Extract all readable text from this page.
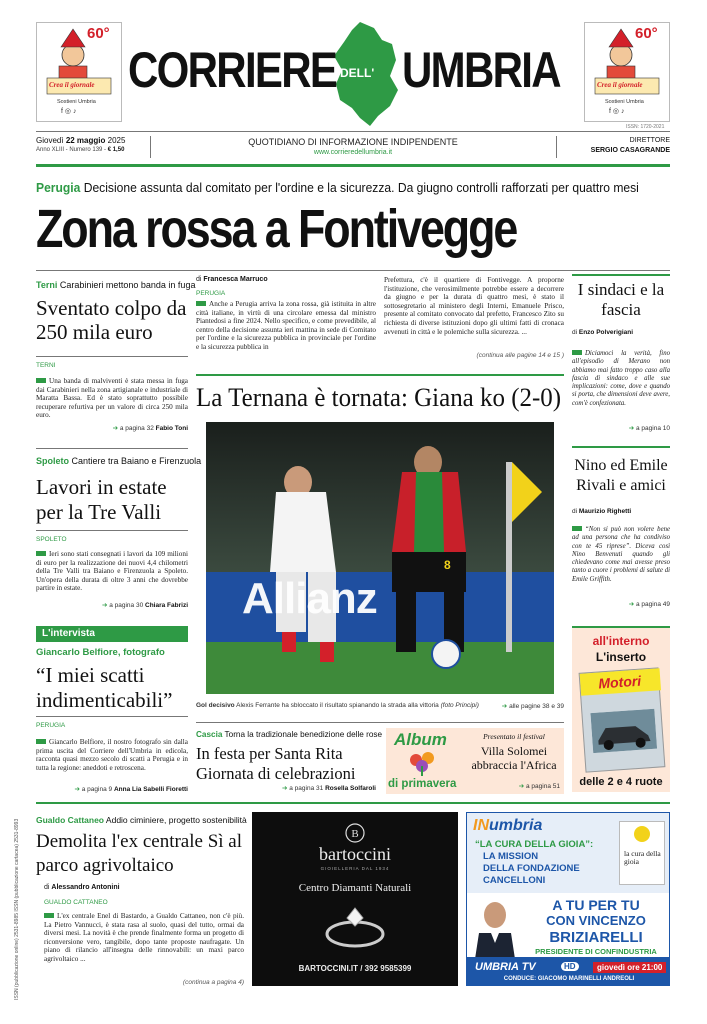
60°
Crea il giornale
Sostieni Umbria
f ◎ ♪
60°
Crea il giornale
Sostieni Umbria
f ◎ ♪
CORRIERE DELL' UMBRIA
ISSN: 1720-2021
Giovedì 22 maggio 2025
Anno XLIII - Numero 139 - € 1,50
QUOTIDIANO DI INFORMAZIONE INDIPENDENTE
www.corrieredellumbria.it
DIRETTORE
SERGIO CASAGRANDE
Perugia Decisione assunta dal comitato per l'ordine e la sicurezza. Da giugno controlli rafforzati per quattro mesi
Zona rossa a Fontivegge
di Francesca Marruco
PERUGIA
Anche a Perugia arriva la zona rossa, già istituita in altre città italiane, in virtù di una circolare emessa dal ministro Piantedosi a fine 2024. Nello specifico, e come prevedibile, al centro della decisione assunta ieri mattina in sede di Comitato per l'ordine e la sicurezza pubblica in provinciale per l'ordine e la sicurezza pubblica in
Prefettura, c'è il quartiere di Fontivegge. A proporne l'istituzione, che verosimilmente potrebbe essere a decorrere da giugno e per la durata di quattro mesi, è stato il sottosegretario al ministero degli Interni, Emanuele Prisco, presente al comitato convocato dal prefetto, Francesco Zito su richiesta di diverse istituzioni dopo gli ultimi fatti di cronaca avvenuti in città e le polemiche sulla sicurezza. ...
(continua alle pagine 14 e 15 )
Terni Carabinieri mettono banda in fuga
Sventato colpo da 250 mila euro
TERNI
Una banda di malviventi è stata messa in fuga dai Carabinieri nella zona artigianale e industriale di Maratta Bassa. Ed è stato soprattutto possibile recuperare refurtiva per un valore di circa 250 mila euro.
➔ a pagina 32 Fabio Toni
Spoleto Cantiere tra Baiano e Firenzuola
Lavori in estate per la Tre Valli
SPOLETO
Ieri sono stati consegnati i lavori da 109 milioni di euro per la realizzazione dei nuovi 4,4 chilometri della Tre Valli tra Baiano e Firenzuola a Spoleto. Un'opera della durata di oltre 3 anni che dovrebbe partire in estate.
➔ a pagina 30 Chiara Fabrizi
L'intervista
Giancarlo Belfiore, fotografo
“I miei scatti indimenticabili”
PERUGIA
Giancarlo Belfiore, il nostro fotografo sin dalla prima uscita del Corriere dell'Umbria in edicola, racconta quasi mezzo secolo di scatti a Perugia e in tutta la regione: aneddoti e retroscena.
➔ a pagina 9 Anna Lia Sabelli Fioretti
I sindaci e la fascia
di Enzo Polverigiani
Diciamoci la verità, fino all'episodio di Merano non abbiamo mai fatto troppo caso alla fascia di sindaco e alle sue implicazioni: come, dove e quando si porta, che dimensioni deve avere, com'è confezionata.
➔ a pagina 10
Nino ed Emile Rivali e amici
di Maurizio Righetti
“Non si può non volere bene ad una persona che ha condiviso con te 45 riprese”. Diceva così Nino Benvenuti quando gli chiedevano come mai avesse preso tanto a cuore i problemi di salute di Emile Griffith.
➔ a pagina 49
all'interno
L'inserto
Motori
delle 2 e 4 ruote
La Ternana è tornata: Giana ko (2-0)
Allianz
8
Gol decisivo Alexis Ferrante ha sbloccato il risultato spianando la strada alla vittoria (foto Principi)	➔ alle pagine 38 e 39
Cascia Torna la tradizionale benedizione delle rose
In festa per Santa Rita Giornata di celebrazioni
➔ a pagina 31 Rosella Solfaroli
Album
di primavera
Presentato il festival
Villa Solomei abbraccia l'Africa
➔ a pagina 51
ISSN (pubblicazione online) 2531-8985 ISSN (pubblicazione cartacea) 2531-8993 Gualdo Cattaneo Addio ciminiere, progetto sostenibilità
Demolita l'ex centrale Sì al parco agrivoltaico
di Alessandro Antonini
GUALDO CATTANEO
L'ex centrale Enel di Bastardo, a Gualdo Cattaneo, non c'è più. La Pietro Vannucci, è stata rasa al suolo, quasi del tutto, ormai da diversi mesi. La novità è che prende finalmente forma un progetto di riconversione vero, tangibile, dopo tante proposte naufragate. Un piano di rilancio all'insegna delle rinnovabili: un maxi parco agrivoltaico ...
(continua a pagina 4)
B
bartoccini
GIOIELLERIA DAL 1934
Centro Diamanti Naturali
BARTOCCINI.IT / 392 9585399
INumbria
“LA CURA DELLA GIOIA”:
LA MISSION
DELLA FONDAZIONE
CANCELLONI
la cura della gioia
A TU PER TU
CON VINCENZO
BRIZIARELLI
PRESIDENTE DI CONFINDUSTRIA
UMBRIA TV	HD	giovedì ore 21:00
CONDUCE: GIACOMO MARINELLI ANDREOLI
